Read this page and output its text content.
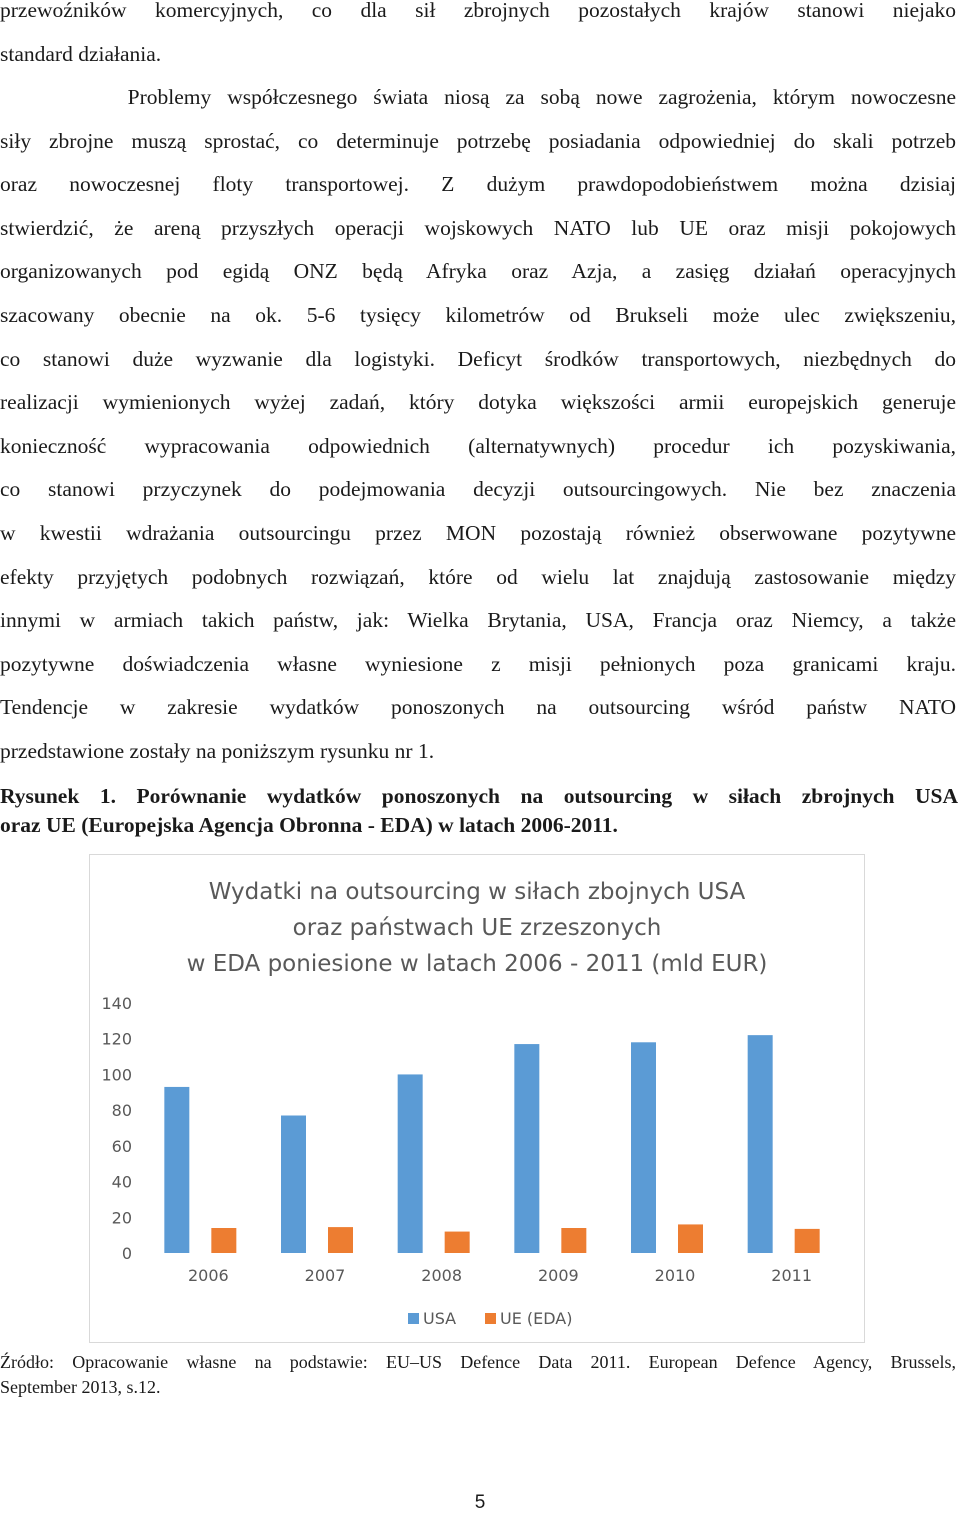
przewoźników komercyjnych, co dla sił zbrojnych pozostałych krajów stanowi niejako
standard działania.
Problemy współczesnego świata niosą za sobą nowe zagrożenia, którym nowoczesne
siły zbrojne muszą sprostać, co determinuje potrzebę posiadania odpowiedniej do skali potrzeb
oraz nowoczesnej floty transportowej. Z dużym prawdopodobieństwem można dzisiaj
stwierdzić, że areną przyszłych operacji wojskowych NATO lub UE oraz misji pokojowych
organizowanych pod egidą ONZ będą Afryka oraz Azja, a zasięg działań operacyjnych
szacowany obecnie na ok. 5-6 tysięcy kilometrów od Brukseli może ulec zwiększeniu,
co stanowi duże wyzwanie dla logistyki. Deficyt środków transportowych, niezbędnych do
realizacji wymienionych wyżej zadań, który dotyka większości armii europejskich generuje
konieczność wypracowania odpowiednich (alternatywnych) procedur ich pozyskiwania,
co stanowi przyczynek do podejmowania decyzji outsourcingowych. Nie bez znaczenia
w kwestii wdrażania outsourcingu przez MON pozostają również obserwowane pozytywne
efekty przyjętych podobnych rozwiązań, które od wielu lat znajdują zastosowanie między
innymi w armiach takich państw, jak: Wielka Brytania, USA, Francja oraz Niemcy, a także
pozytywne doświadczenia własne wyniesione z misji pełnionych poza granicami kraju.
Tendencje w zakresie wydatków ponoszonych na outsourcing wśród państw NATO
przedstawione zostały na poniższym rysunku nr 1.
Rysunek 1. Porównanie wydatków ponoszonych na outsourcing w siłach zbrojnych USA
oraz UE (Europejska Agencja Obronna - EDA) w latach 2006-2011.
Wydatki na outsourcing w siłach zbojnych USA
oraz państwach UE zrzeszonych
w EDA poniesione w latach 2006 - 2011 (mld EUR)
0
20
40
60
80
100
120
140
2006	2007	2008	2009	2010	2011
USA	UE (EDA)
Źródło: Opracowanie własne na podstawie: EU–US Defence Data 2011. European Defence Agency, Brussels,
September 2013, s.12.
5
